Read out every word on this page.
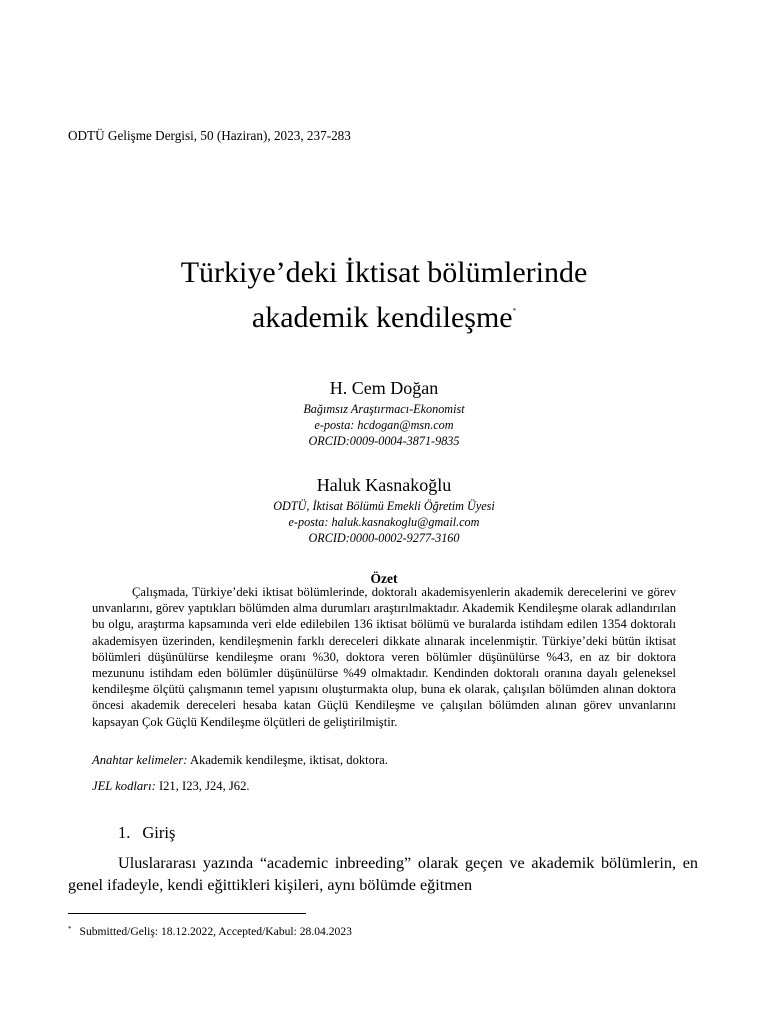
ODTÜ Gelişme Dergisi, 50 (Haziran), 2023, 237-283
Türkiye’deki İktisat bölümlerinde
akademik kendileşme*
H. Cem Doğan
Bağımsız Araştırmacı-Ekonomist
e-posta: hcdogan@msn.com
ORCID:0009-0004-3871-9835
Haluk Kasnakoğlu
ODTÜ, İktisat Bölümü Emekli Öğretim Üyesi
e-posta: haluk.kasnakoglu@gmail.com
ORCID:0000-0002-9277-3160
Özet

Çalışmada, Türkiye’deki iktisat bölümlerinde, doktoralı akademisyenlerin akademik derecelerini ve görev unvanlarını, görev yaptıkları bölümden alma durumları araştırılmaktadır. Akademik Kendileşme olarak adlandırılan bu olgu, araştırma kapsamında veri elde edilebilen 136 iktisat bölümü ve buralarda istihdam edilen 1354 doktoralı akademisyen üzerinden, kendileşmenin farklı dereceleri dikkate alınarak incelenmiştir. Türkiye’deki bütün iktisat bölümleri düşünülürse kendileşme oranı %30, doktora veren bölümler düşünülürse %43, en az bir doktora mezununu istihdam eden bölümler düşünülürse %49 olmaktadır. Kendinden doktoralı oranına dayalı geleneksel kendileşme ölçütü çalışmanın temel yapısını oluşturmakta olup, buna ek olarak, çalışılan bölümden alınan doktora öncesi akademik dereceleri hesaba katan Güçlü Kendileşme ve çalışılan bölümden alınan görev unvanlarını kapsayan Çok Güçlü Kendileşme ölçütleri de geliştirilmiştir.

Anahtar kelimeler: Akademik kendileşme, iktisat, doktora.
JEL kodları: I21, I23, J24, J62.
1. Giriş

Uluslararası yazında “academic inbreeding” olarak geçen ve akademik bölümlerin, en genel ifadeyle, kendi eğittikleri kişileri, aynı bölümde eğitmen

* Submitted/Geliş: 18.12.2022, Accepted/Kabul: 28.04.2023
